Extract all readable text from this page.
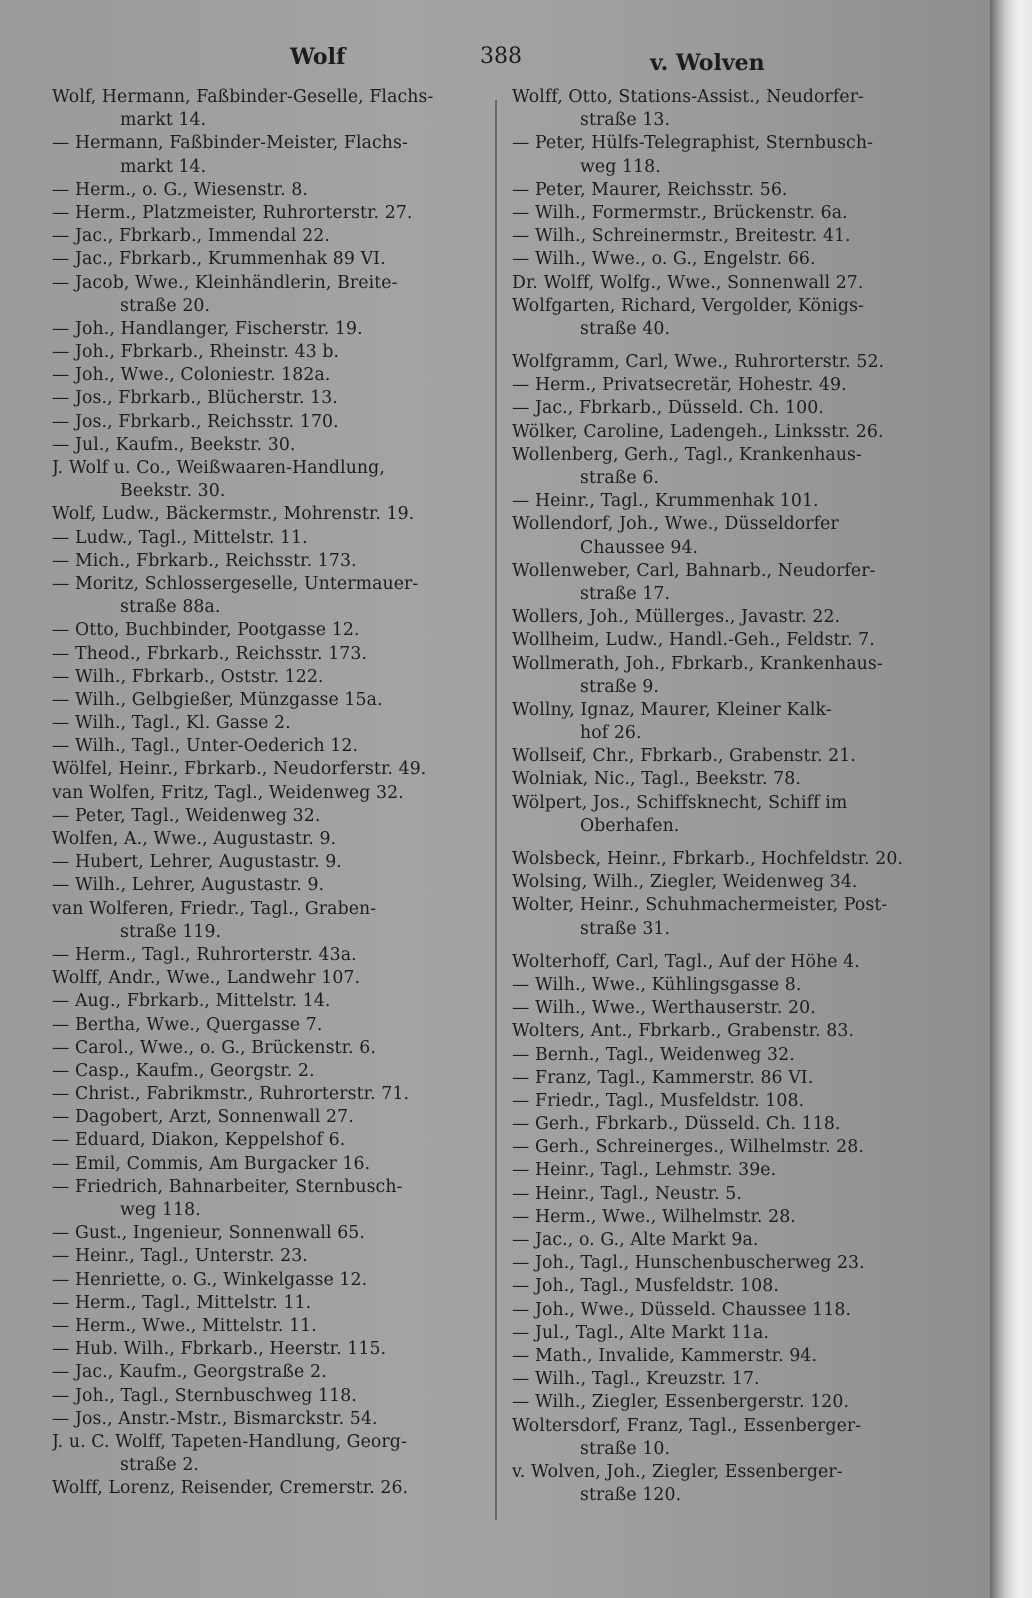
Wolf	388	v. Wolven
Wolf, Hermann, Faßbinder-Geselle, Flachs-
markt 14.
— Hermann, Faßbinder-Meister, Flachs-
markt 14.
— Herm., o. G., Wiesenstr. 8.
— Herm., Platzmeister, Ruhrorterstr. 27.
— Jac., Fbrkarb., Immendal 22.
— Jac., Fbrkarb., Krummenhak 89 VI.
— Jacob, Wwe., Kleinhändlerin, Breite-
straße 20.
— Joh., Handlanger, Fischerstr. 19.
— Joh., Fbrkarb., Rheinstr. 43 b.
— Joh., Wwe., Coloniestr. 182a.
— Jos., Fbrkarb., Blücherstr. 13.
— Jos., Fbrkarb., Reichsstr. 170.
— Jul., Kaufm., Beekstr. 30.
J. Wolf u. Co., Weißwaaren-Handlung,
Beekstr. 30.
Wolf, Ludw., Bäckermstr., Mohrenstr. 19.
— Ludw., Tagl., Mittelstr. 11.
— Mich., Fbrkarb., Reichsstr. 173.
— Moritz, Schlossergeselle, Untermauer-
straße 88a.
— Otto, Buchbinder, Pootgasse 12.
— Theod., Fbrkarb., Reichsstr. 173.
— Wilh., Fbrkarb., Oststr. 122.
— Wilh., Gelbgießer, Münzgasse 15a.
— Wilh., Tagl., Kl. Gasse 2.
— Wilh., Tagl., Unter-Oederich 12.
Wölfel, Heinr., Fbrkarb., Neudorferstr. 49.
van Wolfen, Fritz, Tagl., Weidenweg 32.
— Peter, Tagl., Weidenweg 32.
Wolfen, A., Wwe., Augustastr. 9.
— Hubert, Lehrer, Augustastr. 9.
— Wilh., Lehrer, Augustastr. 9.
van Wolferen, Friedr., Tagl., Graben-
straße 119.
— Herm., Tagl., Ruhrorterstr. 43a.
Wolff, Andr., Wwe., Landwehr 107.
— Aug., Fbrkarb., Mittelstr. 14.
— Bertha, Wwe., Quergasse 7.
— Carol., Wwe., o. G., Brückenstr. 6.
— Casp., Kaufm., Georgstr. 2.
— Christ., Fabrikmstr., Ruhrorterstr. 71.
— Dagobert, Arzt, Sonnenwall 27.
— Eduard, Diakon, Keppelshof 6.
— Emil, Commis, Am Burgacker 16.
— Friedrich, Bahnarbeiter, Sternbusch-
weg 118.
— Gust., Ingenieur, Sonnenwall 65.
— Heinr., Tagl., Unterstr. 23.
— Henriette, o. G., Winkelgasse 12.
— Herm., Tagl., Mittelstr. 11.
— Herm., Wwe., Mittelstr. 11.
— Hub. Wilh., Fbrkarb., Heerstr. 115.
— Jac., Kaufm., Georgstraße 2.
— Joh., Tagl., Sternbuschweg 118.
— Jos., Anstr.-Mstr., Bismarckstr. 54.
J. u. C. Wolff, Tapeten-Handlung, Georg-
straße 2.
Wolff, Lorenz, Reisender, Cremerstr. 26.
Wolff, Otto, Stations-Assist., Neudorfer-
straße 13.
— Peter, Hülfs-Telegraphist, Sternbusch-
weg 118.
— Peter, Maurer, Reichsstr. 56.
— Wilh., Formermstr., Brückenstr. 6a.
— Wilh., Schreinermstr., Breitestr. 41.
— Wilh., Wwe., o. G., Engelstr. 66.
Dr. Wolff, Wolfg., Wwe., Sonnenwall 27.
Wolfgarten, Richard, Vergolder, Königs-
straße 40.
Wolfgramm, Carl, Wwe., Ruhrorterstr. 52.
— Herm., Privatsecretär, Hohestr. 49.
— Jac., Fbrkarb., Düsseld. Ch. 100.
Wölker, Caroline, Ladengeh., Linksstr. 26.
Wollenberg, Gerh., Tagl., Krankenhaus-
straße 6.
— Heinr., Tagl., Krummenhak 101.
Wollendorf, Joh., Wwe., Düsseldorfer
Chaussee 94.
Wollenweber, Carl, Bahnarb., Neudorfer-
straße 17.
Wollers, Joh., Müllerges., Javastr. 22.
Wollheim, Ludw., Handl.-Geh., Feldstr. 7.
Wollmerath, Joh., Fbrkarb., Krankenhaus-
straße 9.
Wollny, Ignaz, Maurer, Kleiner Kalk-
hof 26.
Wollseif, Chr., Fbrkarb., Grabenstr. 21.
Wolniak, Nic., Tagl., Beekstr. 78.
Wölpert, Jos., Schiffsknecht, Schiff im
Oberhafen.
Wolsbeck, Heinr., Fbrkarb., Hochfeldstr. 20.
Wolsing, Wilh., Ziegler, Weidenweg 34.
Wolter, Heinr., Schuhmachermeister, Post-
straße 31.
Wolterhoff, Carl, Tagl., Auf der Höhe 4.
— Wilh., Wwe., Kühlingsgasse 8.
— Wilh., Wwe., Werthauserstr. 20.
Wolters, Ant., Fbrkarb., Grabenstr. 83.
— Bernh., Tagl., Weidenweg 32.
— Franz, Tagl., Kammerstr. 86 VI.
— Friedr., Tagl., Musfeldstr. 108.
— Gerh., Fbrkarb., Düsseld. Ch. 118.
— Gerh., Schreinerges., Wilhelmstr. 28.
— Heinr., Tagl., Lehmstr. 39e.
— Heinr., Tagl., Neustr. 5.
— Herm., Wwe., Wilhelmstr. 28.
— Jac., o. G., Alte Markt 9a.
— Joh., Tagl., Hunschenbuscherweg 23.
— Joh., Tagl., Musfeldstr. 108.
— Joh., Wwe., Düsseld. Chaussee 118.
— Jul., Tagl., Alte Markt 11a.
— Math., Invalide, Kammerstr. 94.
— Wilh., Tagl., Kreuzstr. 17.
— Wilh., Ziegler, Essenbergerstr. 120.
Woltersdorf, Franz, Tagl., Essenberger-
straße 10.
v. Wolven, Joh., Ziegler, Essenberger-
straße 120.
